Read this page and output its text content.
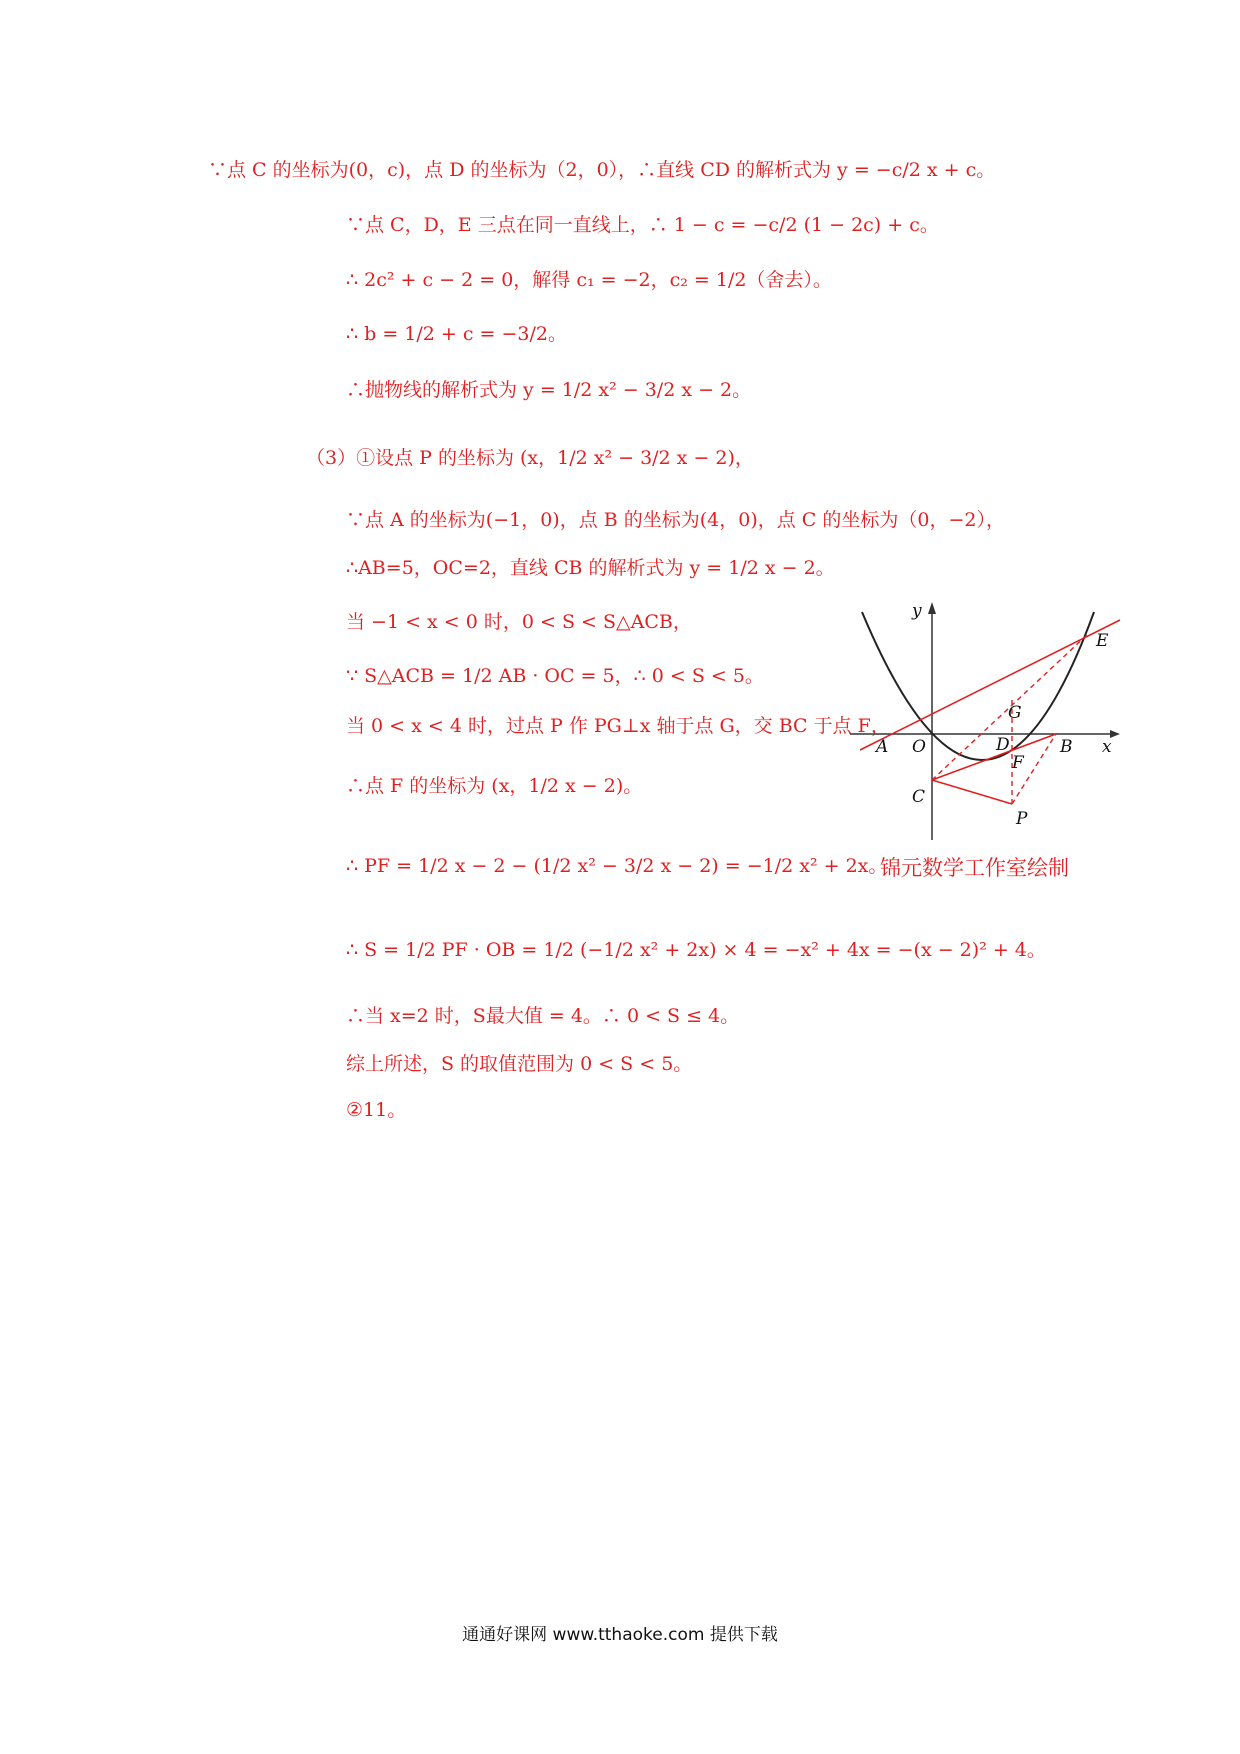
∵点 C 的坐标为(0，c)，点 D 的坐标为（2，0），∴直线 CD 的解析式为 y = −c/2 x + c。
∵点 C，D，E 三点在同一直线上，∴ 1 − c = −c/2 (1 − 2c) + c。
∴ 2c² + c − 2 = 0，解得 c₁ = −2，c₂ = 1/2（舍去）。
∴ b = 1/2 + c = −3/2。
∴抛物线的解析式为 y = 1/2 x² − 3/2 x − 2。
（3）①设点 P 的坐标为 (x，1/2 x² − 3/2 x − 2)，
∵点 A 的坐标为(−1，0)，点 B 的坐标为(4，0)，点 C 的坐标为（0，−2），
∴AB=5，OC=2，直线 CB 的解析式为 y = 1/2 x − 2。
当 −1 < x < 0 时，0 < S < S△ACB，
∵ S△ACB = 1/2 AB · OC = 5，∴ 0 < S < 5。
当 0 < x < 4 时，过点 P 作 PG⊥x 轴于点 G，交 BC 于点 F，
∴点 F 的坐标为 (x，1/2 x − 2)。
∴ PF = 1/2 x − 2 − (1/2 x² − 3/2 x − 2) = −1/2 x² + 2x。
∴ S = 1/2 PF · OB = 1/2 (−1/2 x² + 2x) × 4 = −x² + 4x = −(x − 2)² + 4。
∴当 x=2 时，S最大值 = 4。∴ 0 < S ≤ 4。
综上所述，S 的取值范围为 0 < S < 5。
②11。
y
x
A O	D	B
G
F
C
P
E
锦元数学工作室绘制
通通好课网 www.tthaoke.com 提供下载
